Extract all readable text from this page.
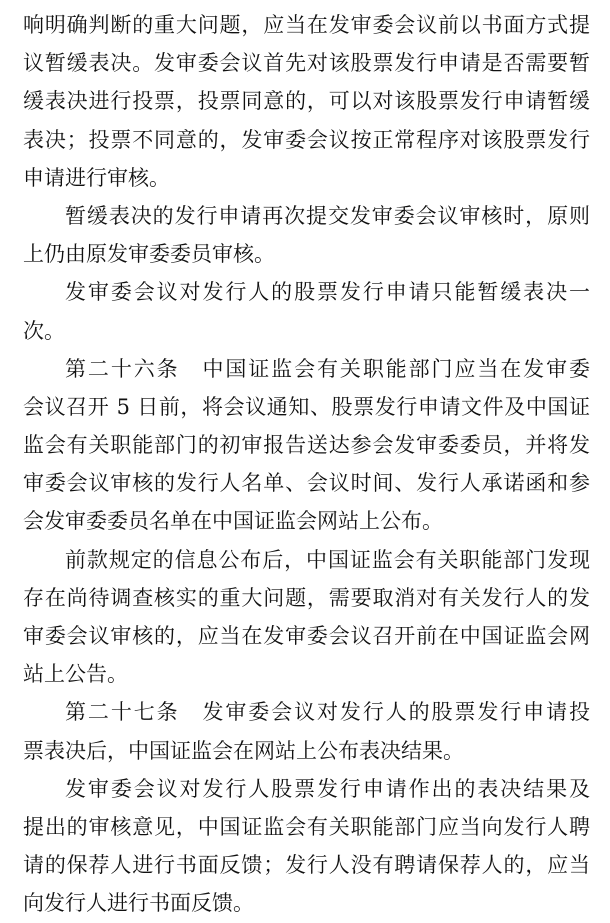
响明确判断的重大问题，应当在发审委会议前以书面方式提
议暂缓表决。发审委会议首先对该股票发行申请是否需要暂
缓表决进行投票，投票同意的，可以对该股票发行申请暂缓
表决；投票不同意的，发审委会议按正常程序对该股票发行
申请进行审核。
暂缓表决的发行申请再次提交发审委会议审核时，原则
上仍由原发审委委员审核。
发审委会议对发行人的股票发行申请只能暂缓表决一
次。
第二十六条　中国证监会有关职能部门应当在发审委
会议召开 5 日前，将会议通知、股票发行申请文件及中国证
监会有关职能部门的初审报告送达参会发审委委员，并将发
审委会议审核的发行人名单、会议时间、发行人承诺函和参
会发审委委员名单在中国证监会网站上公布。
前款规定的信息公布后，中国证监会有关职能部门发现
存在尚待调查核实的重大问题，需要取消对有关发行人的发
审委会议审核的，应当在发审委会议召开前在中国证监会网
站上公告。
第二十七条　发审委会议对发行人的股票发行申请投
票表决后，中国证监会在网站上公布表决结果。
发审委会议对发行人股票发行申请作出的表决结果及
提出的审核意见，中国证监会有关职能部门应当向发行人聘
请的保荐人进行书面反馈；发行人没有聘请保荐人的，应当
向发行人进行书面反馈。
